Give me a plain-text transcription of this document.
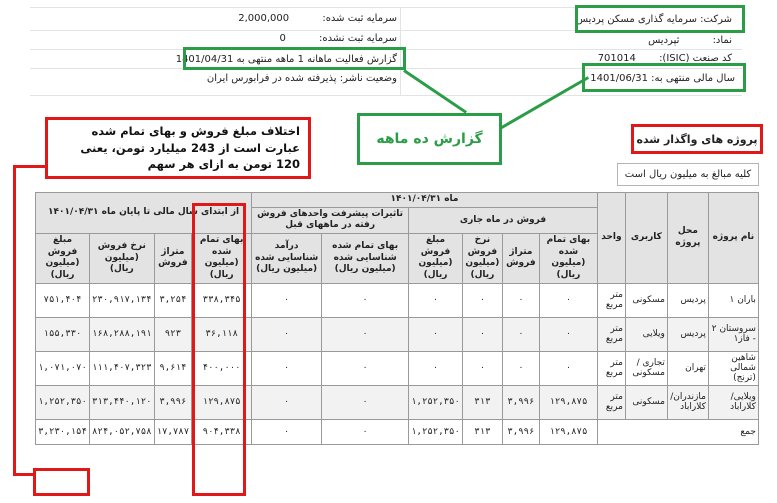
شرکت: سرمایه گذاری مسکن پردیس
نماد: ثپردیس
کد صنعت (ISIC): 701014
سال مالی منتهی به: 1401/06/31
سرمایه ثبت شده: 2,000,000
سرمایه ثبت نشده: 0
گزارش فعالیت ماهانه 1 ماهه منتهی به 1401/04/31
وضعیت ناشر: پذیرفته شده در فرابورس ایران
گزارش ده ماهه
اختلاف مبلغ فروش و بهای تمام شده عبارت است از 243 میلیارد تومن، یعنی 120 تومن به ازای هر سهم
پروژه های واگذار شده
کلیه مبالغ به میلیون ریال است
نام پروژه	محل پروژه	کاربری	واحد	ماه ۱۴۰۱/۰۴/۳۱						از ابتدای سال مالی تا پایان ماه ۱۴۰۱/۰۴/۳۱			
				فروش در ماه جاری				تاثیرات پیشرفت واحدهای فروش رفته در ماههای قبل					
				بهای تمام شده (میلیون ریال)	متراژ فروش	نرخ فروش (میلیون ریال)	مبلغ فروش (میلیون ریال)	بهای تمام شده شناسایی شده (میلیون ریال)	درآمد شناسایی شده (میلیون ریال)	بهای تمام شده (میلیون ریال)	متراژ فروش	نرخ فروش (میلیون ریال)	مبلغ فروش (میلیون ریال)
باران ۱	پردیس	مسکونی	متر مربع	۰	۰	۰	۰	۰	۰	۳۳۸,۳۴۵	۳,۲۵۴	۲۳۰,۹۱۷,۱۳۴	۷۵۱,۴۰۴
سروستان ۲ - فاز۱	پردیس	ویلایی	متر مربع	۰	۰	۰	۰	۰	۰	۳۶,۱۱۸	۹۲۳	۱۶۸,۲۸۸,۱۹۱	۱۵۵,۳۳۰
شاهین شمالی (ترنج)	تهران	تجاری / مسکونی	متر مربع	۰	۰	۰	۰	۰	۰	۴۰۰,۰۰۰	۹,۶۱۴	۱۱۱,۴۰۷,۳۲۳	۱,۰۷۱,۰۷۰
ویلایی/ کلاراباد	مازندران/ کلاراباد	مسکونی	متر مربع	۱۲۹,۸۷۵	۳,۹۹۶	۳۱۳	۱,۲۵۲,۳۵۰	۰	۰	۱۲۹,۸۷۵	۳,۹۹۶	۳۱۳,۴۴۰,۱۲۰	۱,۲۵۲,۳۵۰
جمع				۱۲۹,۸۷۵	۳,۹۹۶	۳۱۳	۱,۲۵۲,۳۵۰	۰	۰	۹۰۴,۳۳۸	۱۷,۷۸۷	۸۲۴,۰۵۲,۷۵۸	۳,۲۳۰,۱۵۴
